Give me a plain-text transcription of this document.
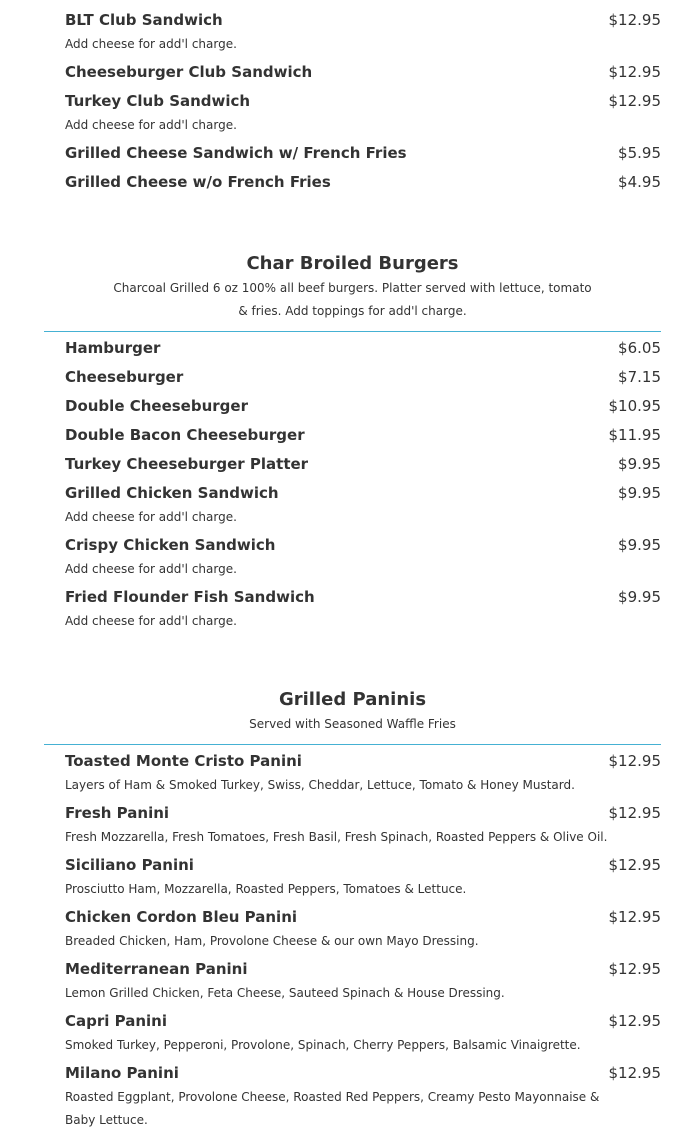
BLT Club Sandwich	$12.95
Add cheese for add'l charge.
Cheeseburger Club Sandwich	$12.95
Turkey Club Sandwich	$12.95
Add cheese for add'l charge.
Grilled Cheese Sandwich w/ French Fries	$5.95
Grilled Cheese w/o French Fries	$4.95
Char Broiled Burgers
Charcoal Grilled 6 oz 100% all beef burgers. Platter served with lettuce, tomato & fries. Add toppings for add'l charge.
Hamburger	$6.05
Cheeseburger	$7.15
Double Cheeseburger	$10.95
Double Bacon Cheeseburger	$11.95
Turkey Cheeseburger Platter	$9.95
Grilled Chicken Sandwich	$9.95
Add cheese for add'l charge.
Crispy Chicken Sandwich	$9.95
Add cheese for add'l charge.
Fried Flounder Fish Sandwich	$9.95
Add cheese for add'l charge.
Grilled Paninis
Served with Seasoned Waffle Fries
Toasted Monte Cristo Panini	$12.95
Layers of Ham & Smoked Turkey, Swiss, Cheddar, Lettuce, Tomato & Honey Mustard.
Fresh Panini	$12.95
Fresh Mozzarella, Fresh Tomatoes, Fresh Basil, Fresh Spinach, Roasted Peppers & Olive Oil.
Siciliano Panini	$12.95
Prosciutto Ham, Mozzarella, Roasted Peppers, Tomatoes & Lettuce.
Chicken Cordon Bleu Panini	$12.95
Breaded Chicken, Ham, Provolone Cheese & our own Mayo Dressing.
Mediterranean Panini	$12.95
Lemon Grilled Chicken, Feta Cheese, Sauteed Spinach & House Dressing.
Capri Panini	$12.95
Smoked Turkey, Pepperoni, Provolone, Spinach, Cherry Peppers, Balsamic Vinaigrette.
Milano Panini	$12.95
Roasted Eggplant, Provolone Cheese, Roasted Red Peppers, Creamy Pesto Mayonnaise & Baby Lettuce.
